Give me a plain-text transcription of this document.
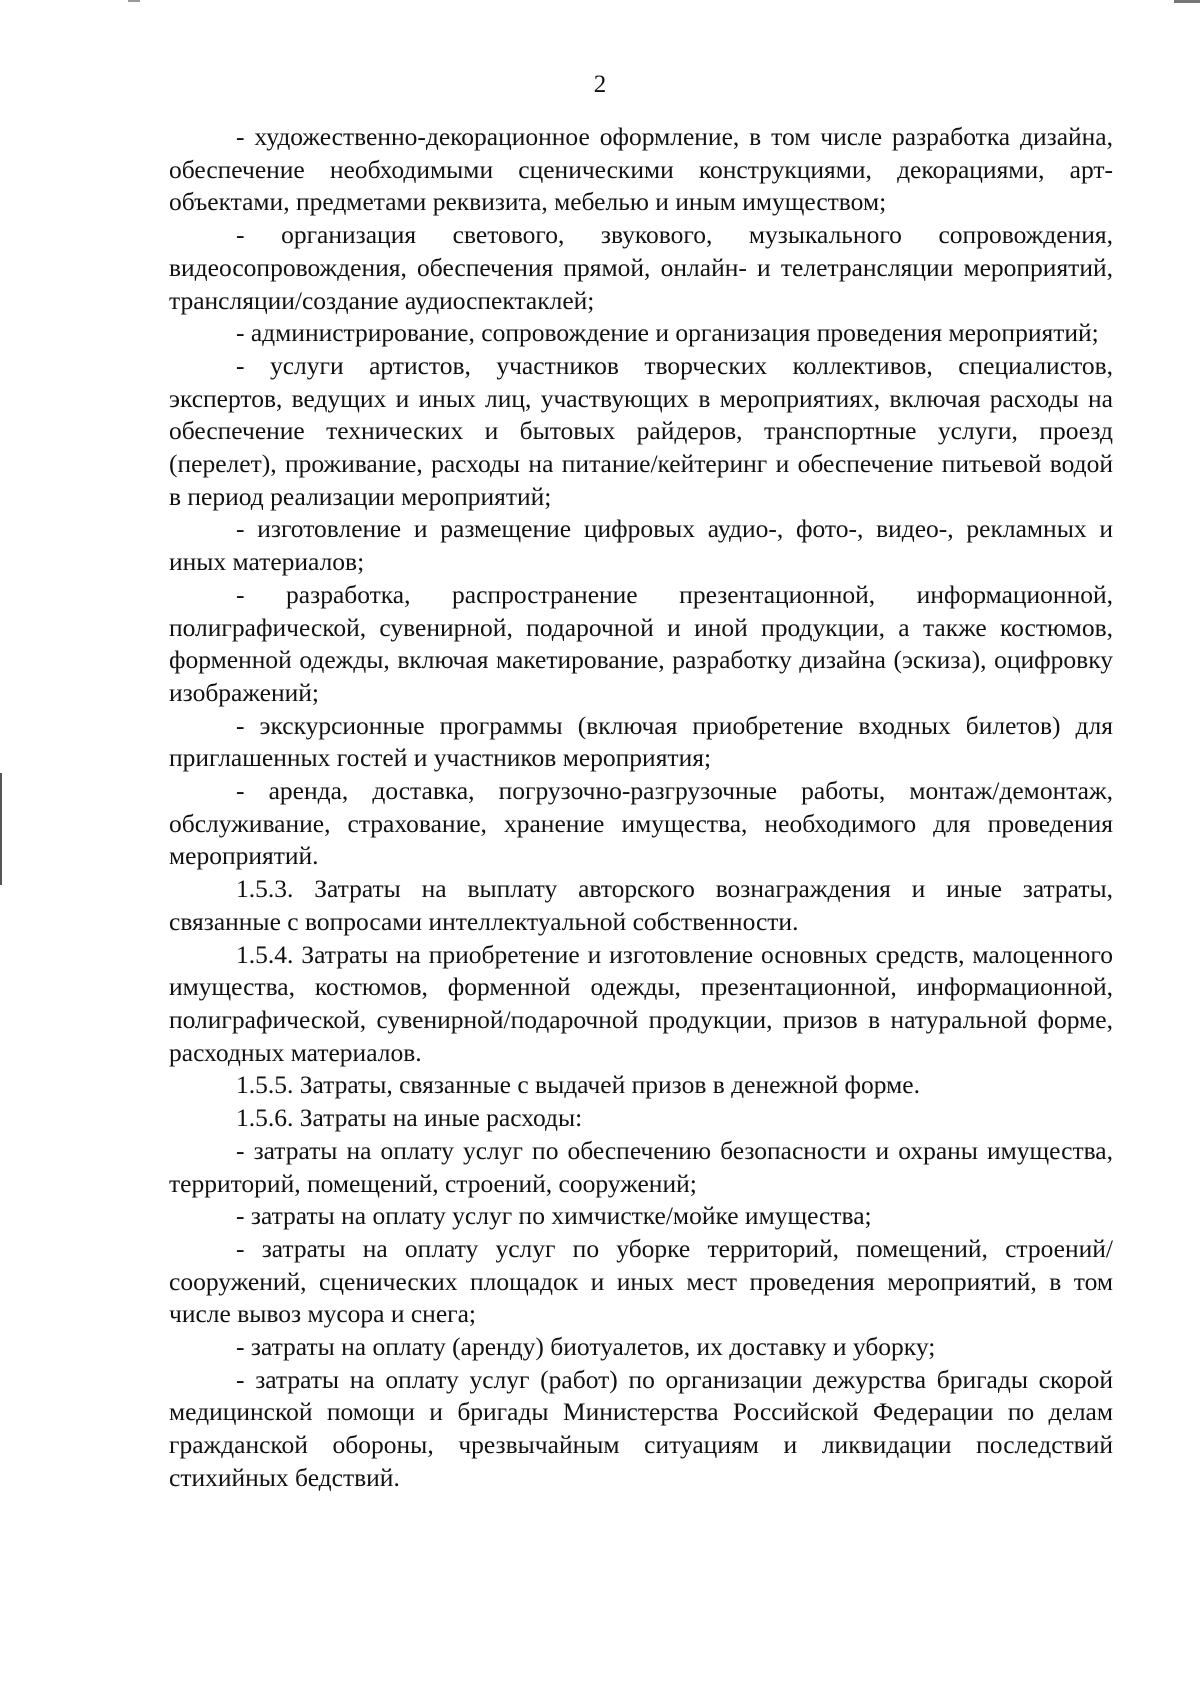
2

- художественно-декорационное оформление, в том числе разработка дизайна, обеспечение необходимыми сценическими конструкциями, декорациями, арт-объектами, предметами реквизита, мебелью и иным имуществом;

- организация светового, звукового, музыкального сопровождения, видеосопровождения, обеспечения прямой, онлайн- и телетрансляции мероприятий, трансляции/создание аудиоспектаклей;

- администрирование, сопровождение и организация проведения мероприятий;

- услуги артистов, участников творческих коллективов, специалистов, экспертов, ведущих и иных лиц, участвующих в мероприятиях, включая расходы на обеспечение технических и бытовых райдеров, транспортные услуги, проезд (перелет), проживание, расходы на питание/кейтеринг и обеспечение питьевой водой в период реализации мероприятий;

- изготовление и размещение цифровых аудио-, фото-, видео-, рекламных и иных материалов;

- разработка, распространение презентационной, информационной, полиграфической, сувенирной, подарочной и иной продукции, а также костюмов, форменной одежды, включая макетирование, разработку дизайна (эскиза), оцифровку изображений;

- экскурсионные программы (включая приобретение входных билетов) для приглашенных гостей и участников мероприятия;

- аренда, доставка, погрузочно-разгрузочные работы, монтаж/демонтаж, обслуживание, страхование, хранение имущества, необходимого для проведения мероприятий.

1.5.3. Затраты на выплату авторского вознаграждения и иные затраты, связанные с вопросами интеллектуальной собственности.

1.5.4. Затраты на приобретение и изготовление основных средств, малоценного имущества, костюмов, форменной одежды, презентационной, информационной, полиграфической, сувенирной/подарочной продукции, призов в натуральной форме, расходных материалов.

1.5.5. Затраты, связанные с выдачей призов в денежной форме.

1.5.6. Затраты на иные расходы:

- затраты на оплату услуг по обеспечению безопасности и охраны имущества, территорий, помещений, строений, сооружений;

- затраты на оплату услуг по химчистке/мойке имущества;

- затраты на оплату услуг по уборке территорий, помещений, строений/сооружений, сценических площадок и иных мест проведения мероприятий, в том числе вывоз мусора и снега;

- затраты на оплату (аренду) биотуалетов, их доставку и уборку;

- затраты на оплату услуг (работ) по организации дежурства бригады скорой медицинской помощи и бригады Министерства Российской Федерации по делам гражданской обороны, чрезвычайным ситуациям и ликвидации последствий стихийных бедствий.
